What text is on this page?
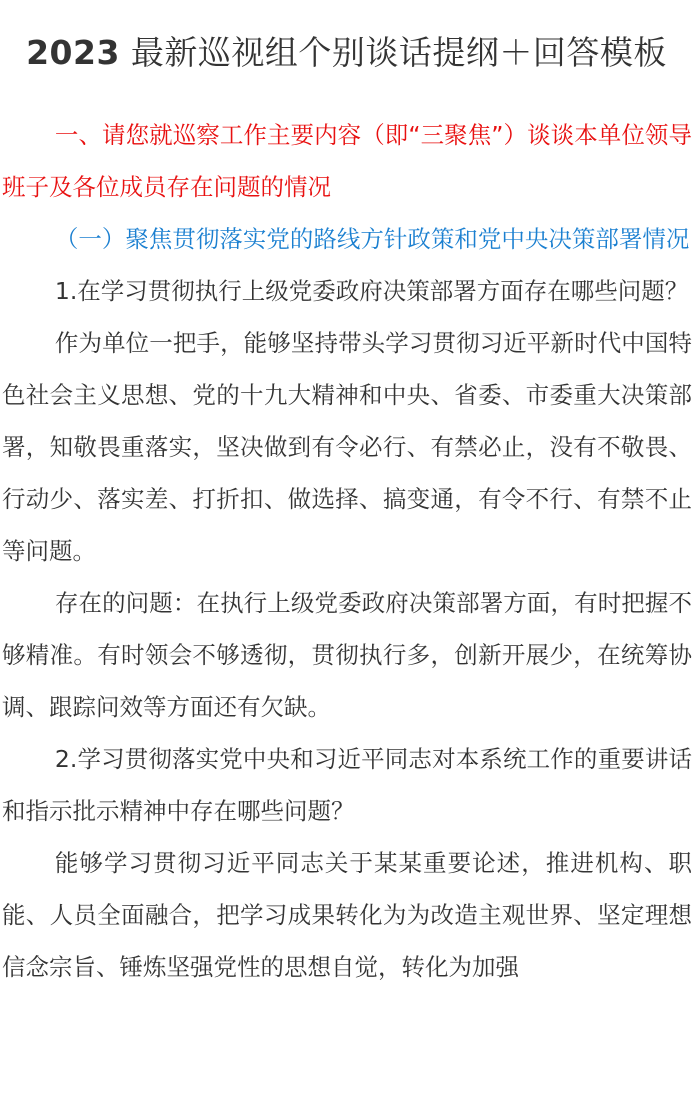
2023 最新巡视组个别谈话提纲＋回答模板

一、请您就巡察工作主要内容（即“三聚焦”）谈谈本单位领导班子及各位成员存在问题的情况

（一）聚焦贯彻落实党的路线方针政策和党中央决策部署情况

1.在学习贯彻执行上级党委政府决策部署方面存在哪些问题？

作为单位一把手，能够坚持带头学习贯彻习近平新时代中国特色社会主义思想、党的十九大精神和中央、省委、市委重大决策部署，知敬畏重落实，坚决做到有令必行、有禁必止，没有不敬畏、行动少、落实差、打折扣、做选择、搞变通，有令不行、有禁不止等问题。

存在的问题：在执行上级党委政府决策部署方面，有时把握不够精准。有时领会不够透彻，贯彻执行多，创新开展少，在统筹协调、跟踪问效等方面还有欠缺。

2.学习贯彻落实党中央和习近平同志对本系统工作的重要讲话和指示批示精神中存在哪些问题？

能够学习贯彻习近平同志关于某某重要论述，推进机构、职能、人员全面融合，把学习成果转化为为改造主观世界、坚定理想信念宗旨、锤炼坚强党性的思想自觉，转化为加强
